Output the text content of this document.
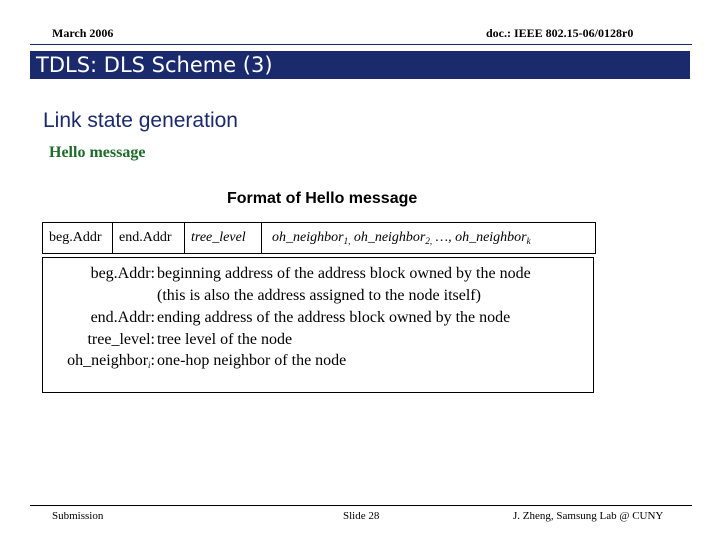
March 2006	doc.: IEEE 802.15-06/0128r0
TDLS: DLS Scheme (3)
Link state generation
Hello message
Format of Hello message
beg.Addr	end.Addr	tree_level	oh_neighbor$_{1,}$ oh_neighbor$_{2,}$ …, oh_neighbor$_k$
beg.Addr: beginning address of the address block owned by the node
(this is also the address assigned to the node itself)
end.Addr: ending address of the address block owned by the node
tree_level: tree level of the node
oh_neighbor$_i$: one-hop neighbor of the node
Submission	Slide 28	J. Zheng, Samsung Lab @ CUNY
